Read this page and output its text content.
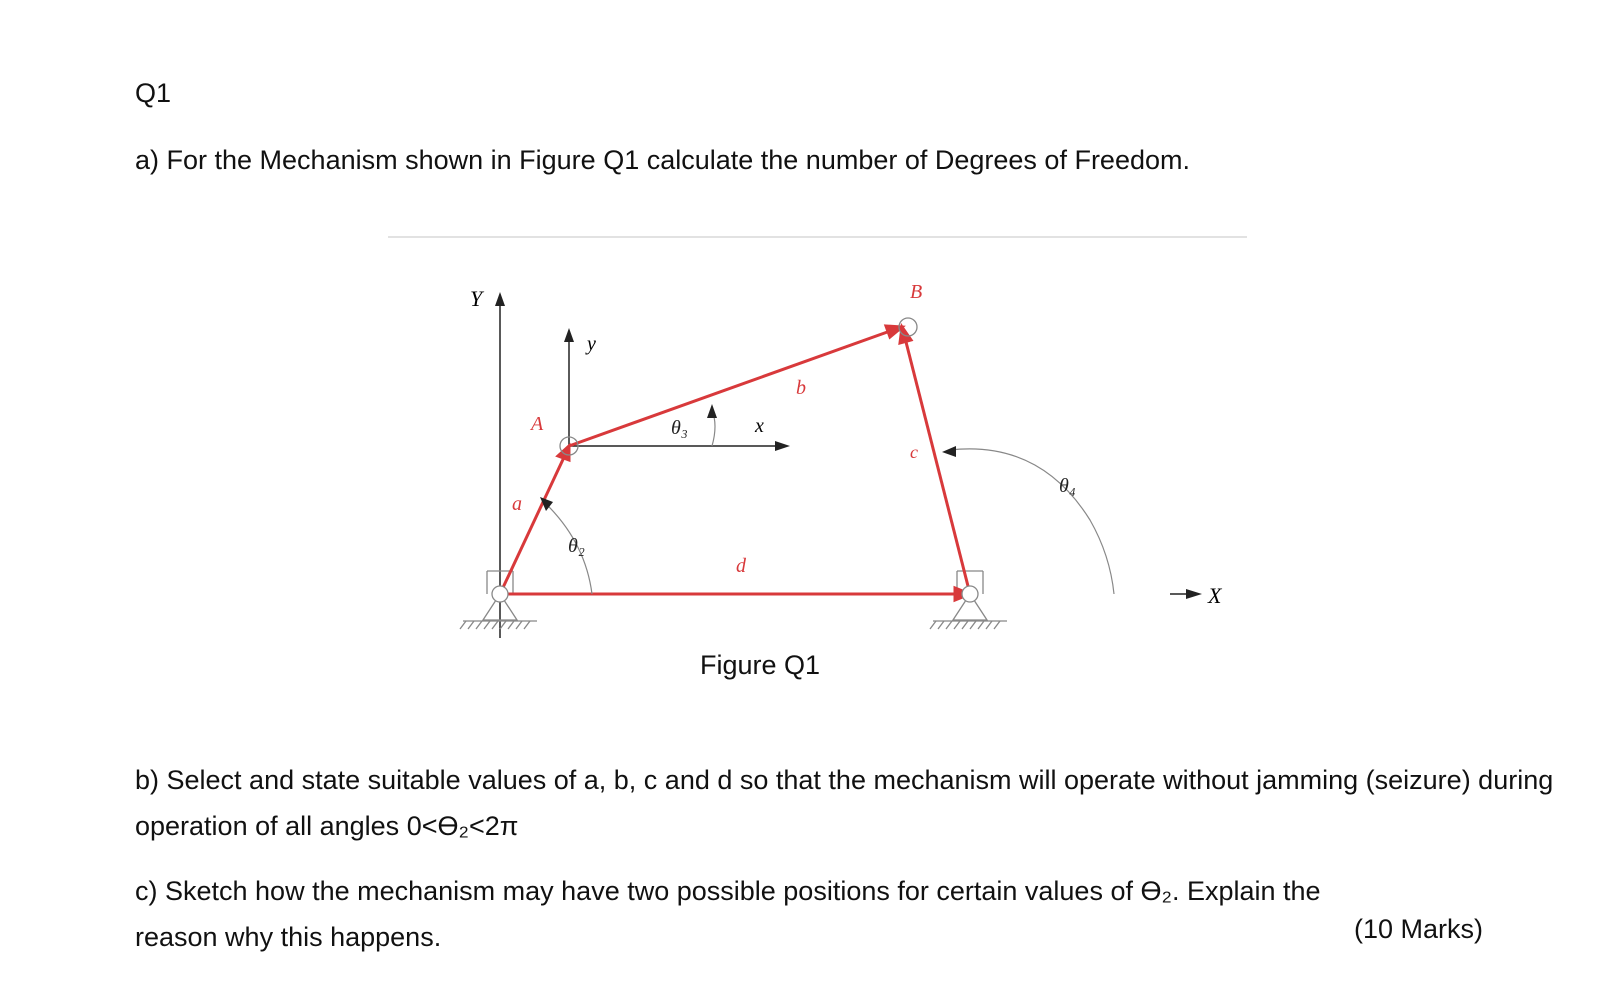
Q1
a) For the Mechanism shown in Figure Q1 calculate the number of Degrees of Freedom.
Y
X
y
x
A
B
a
b
c
d
θ₂
θ₃
θ₄
Figure Q1
b) Select and state suitable values of a, b, c and d so that the mechanism will operate without jamming (seizure) during operation of all angles 0<ϴ₂<2π
c) Sketch how the mechanism may have two possible positions for certain values of ϴ₂. Explain the
reason why this happens.	(10 Marks)
